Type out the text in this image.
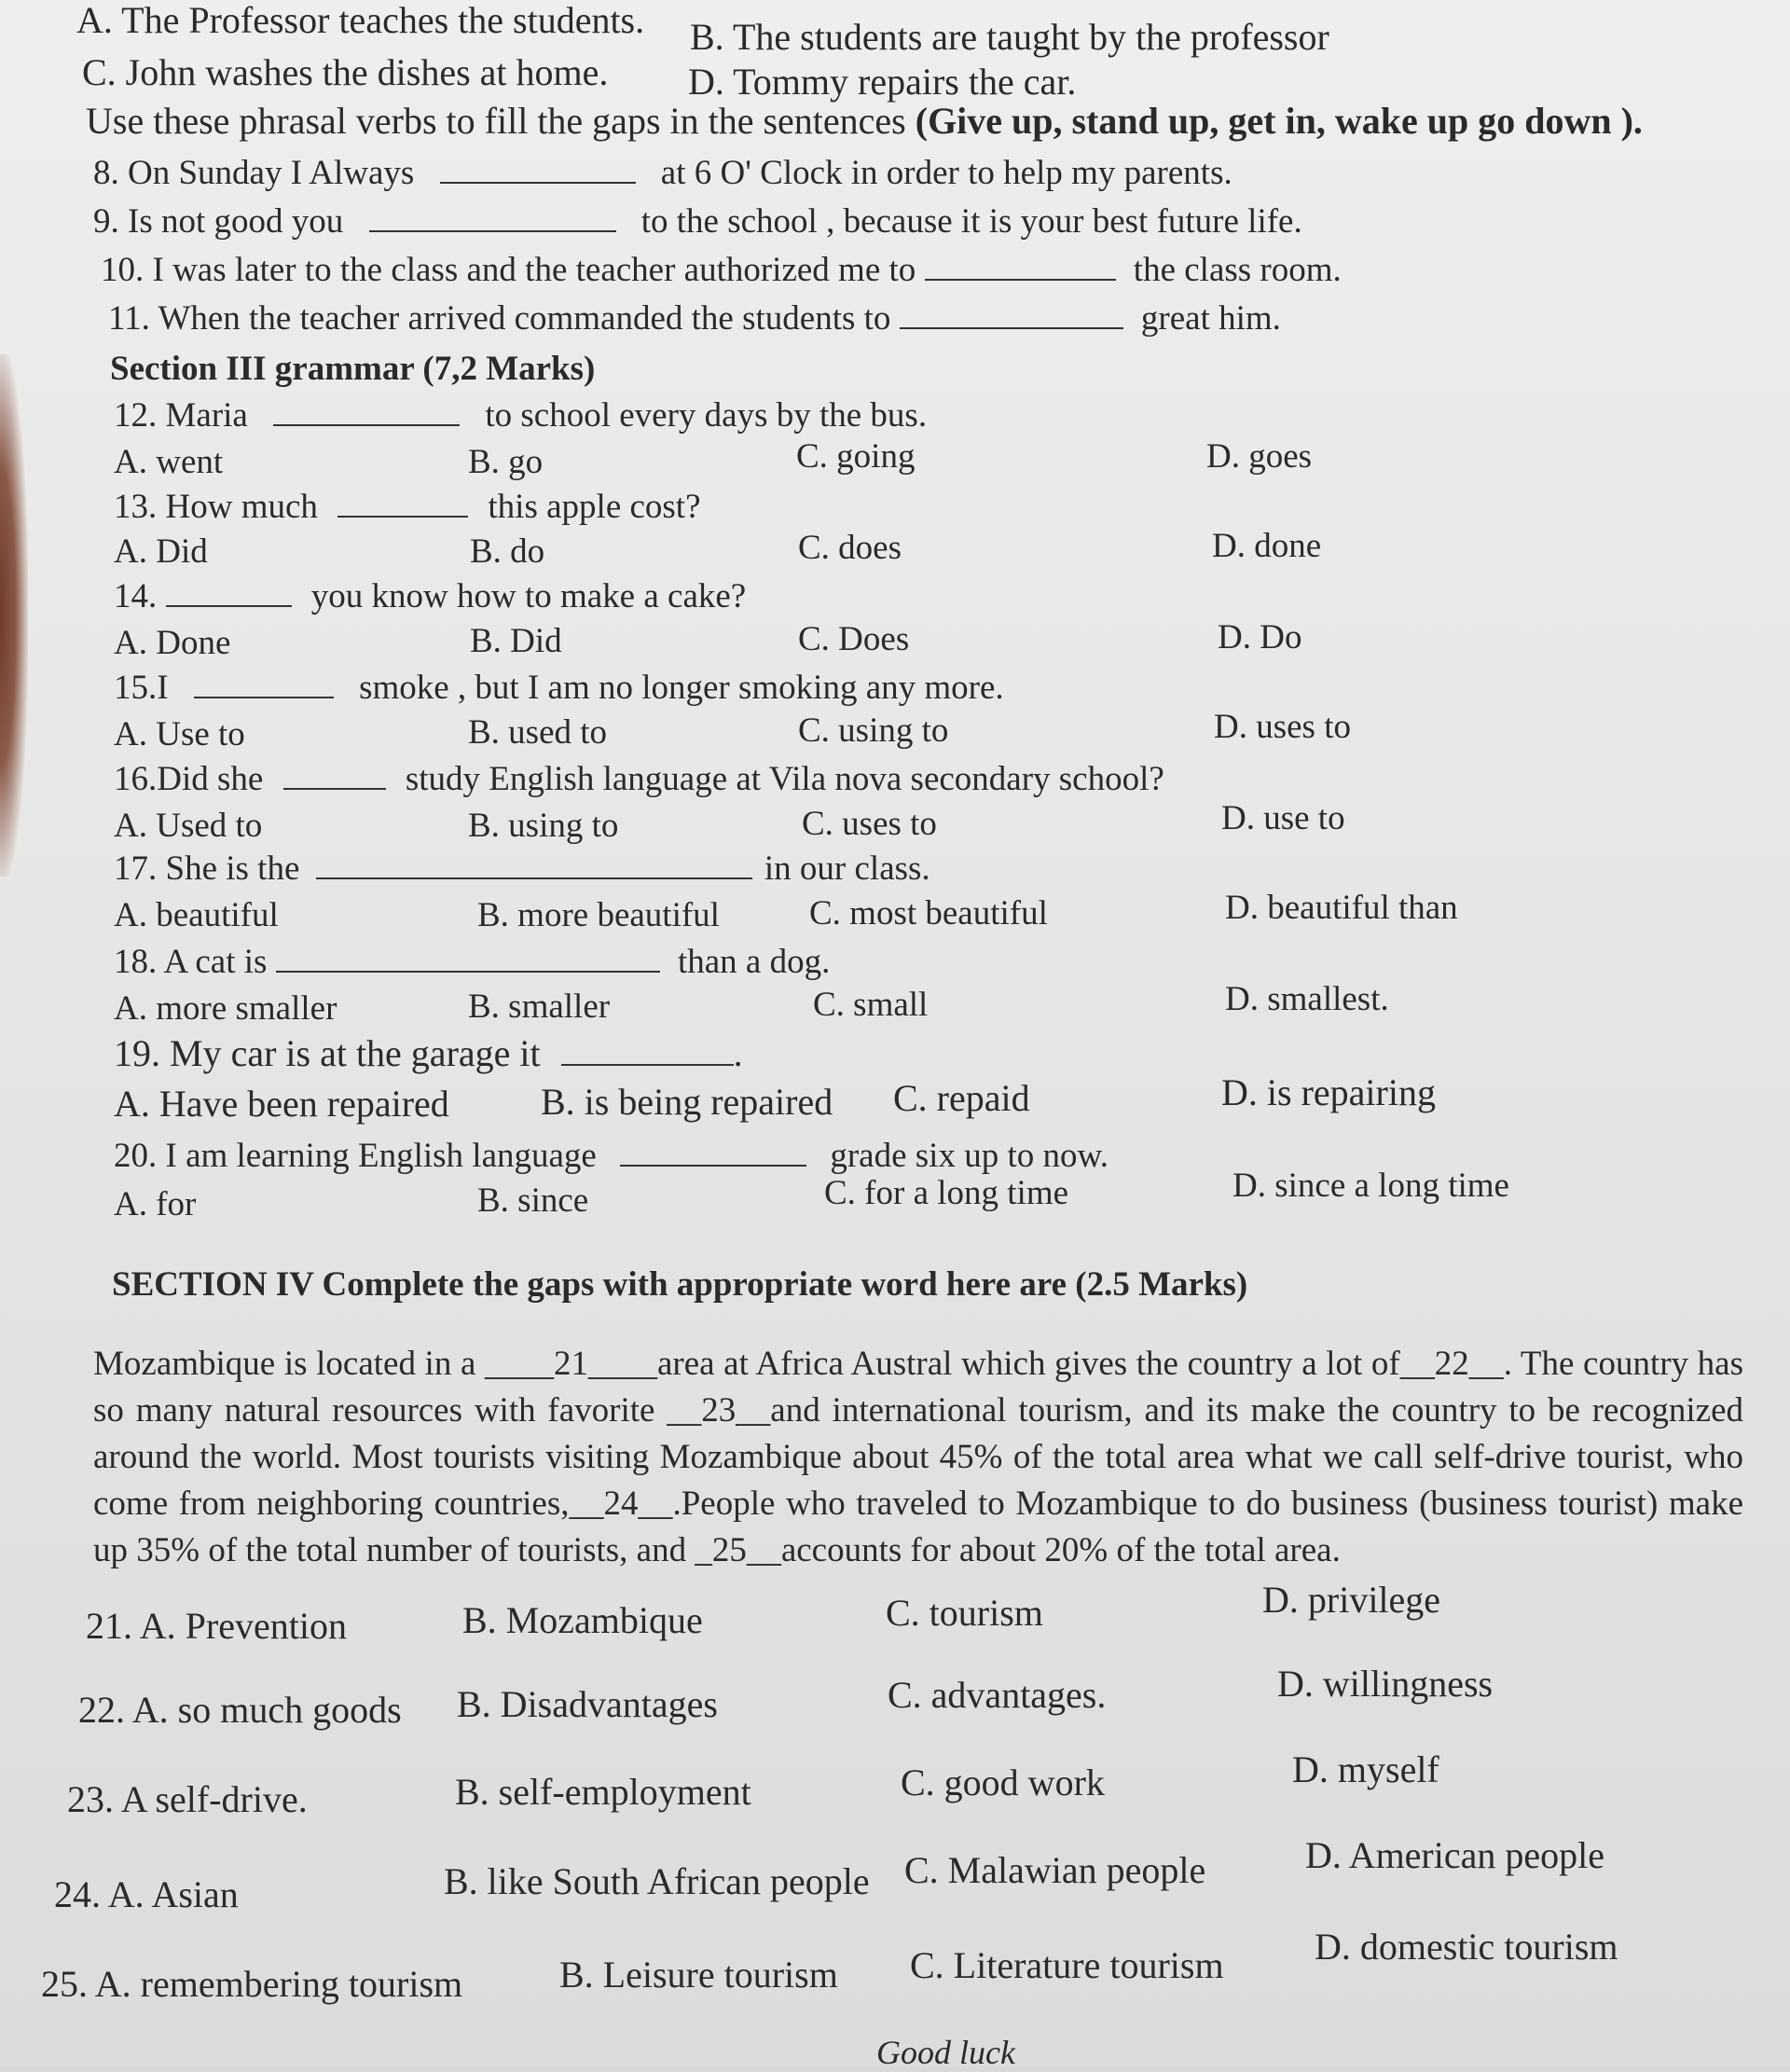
A. The Professor teaches the students. B. The students are taught by the professor
C. John washes the dishes at home. D. Tommy repairs the car.
Use these phrasal verbs to fill the gaps in the sentences (Give up, stand up, get in, wake up go down ).
8. On Sunday I Always	at 6 O' Clock in order to help my parents.
9. Is not good you	to the school , because it is your best future life.
10. I was later to the class and the teacher authorized me to	the class room.
11. When the teacher arrived commanded the students to	great him.
Section III grammar (7,2 Marks)
12. Maria	to school every days by the bus.
A. went	B. go	C. going	D. goes
13. How much	this apple cost?
A. Did	B. do	C. does	D. done
14.	you know how to make a cake?
A. Done	B. Did	C. Does	D. Do
15.I	smoke , but I am no longer smoking any more.
A. Use to	B. used to	C. using to	D. uses to
16.Did she	study English language at Vila nova secondary school?
A. Used to	B. using to	C. uses to	D. use to
17. She is the	in our class.
A. beautiful	B. more beautiful	C. most beautiful	D. beautiful than
18. A cat is	than a dog.
A. more smaller	B. smaller	C. small	D. smallest.
19. My car is at the garage it	.
A. Have been repaired B. is being repaired C. repaid	D. is repairing
20. I am learning English language	grade six up to now.
A. for	B. since	C. for a long time	D. since a long time
SECTION IV Complete the gaps with appropriate word here are (2.5 Marks)

Mozambique is located in a ____21____area at Africa Austral which gives the country a lot of__22__. The country has so many natural resources with favorite __23__and international tourism, and its make the country to be recognized around the world. Most tourists visiting Mozambique about 45% of the total area what we call self-drive tourist, who come from neighboring countries,__24__.People who traveled to Mozambique to do business (business tourist) make up 35% of the total number of tourists, and _25__accounts for about 20% of the total area.

21. A. Prevention	B. Mozambique	C. tourism	D. privilege
22. A. so much goods B. Disadvantages	C. advantages.	D. willingness
23. A self-drive.	B. self-employment	C. good work	D. myself
24. A. Asian	B. like South African people C. Malawian people	D. American people
25. A. remembering tourism	B. Leisure tourism C. Literature tourism D. domestic tourism
Good luck
